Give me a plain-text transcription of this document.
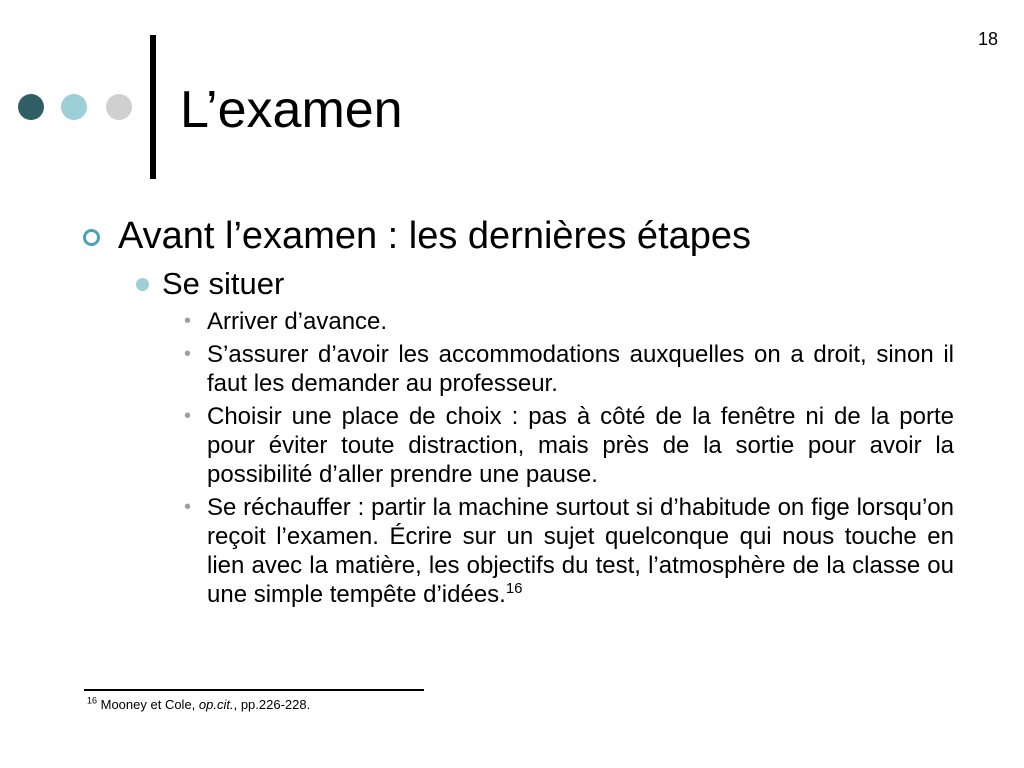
18
L’examen
Avant l’examen : les dernières étapes
Se situer
• Arriver d’avance.
• S’assurer d’avoir les accommodations auxquelles on a droit, sinon il faut les demander au professeur.
• Choisir une place de choix : pas à côté de la fenêtre ni de la porte pour éviter toute distraction, mais près de la sortie pour avoir la possibilité d’aller prendre une pause.
• Se réchauffer : partir la machine surtout si d’habitude on fige lorsqu’on reçoit l’examen. Écrire sur un sujet quelconque qui nous touche en lien avec la matière, les objectifs du test, l’atmosphère de la classe ou une simple tempête d’idées.$^{16}$
$^{16}$ Mooney et Cole, op.cit., pp.226-228.
